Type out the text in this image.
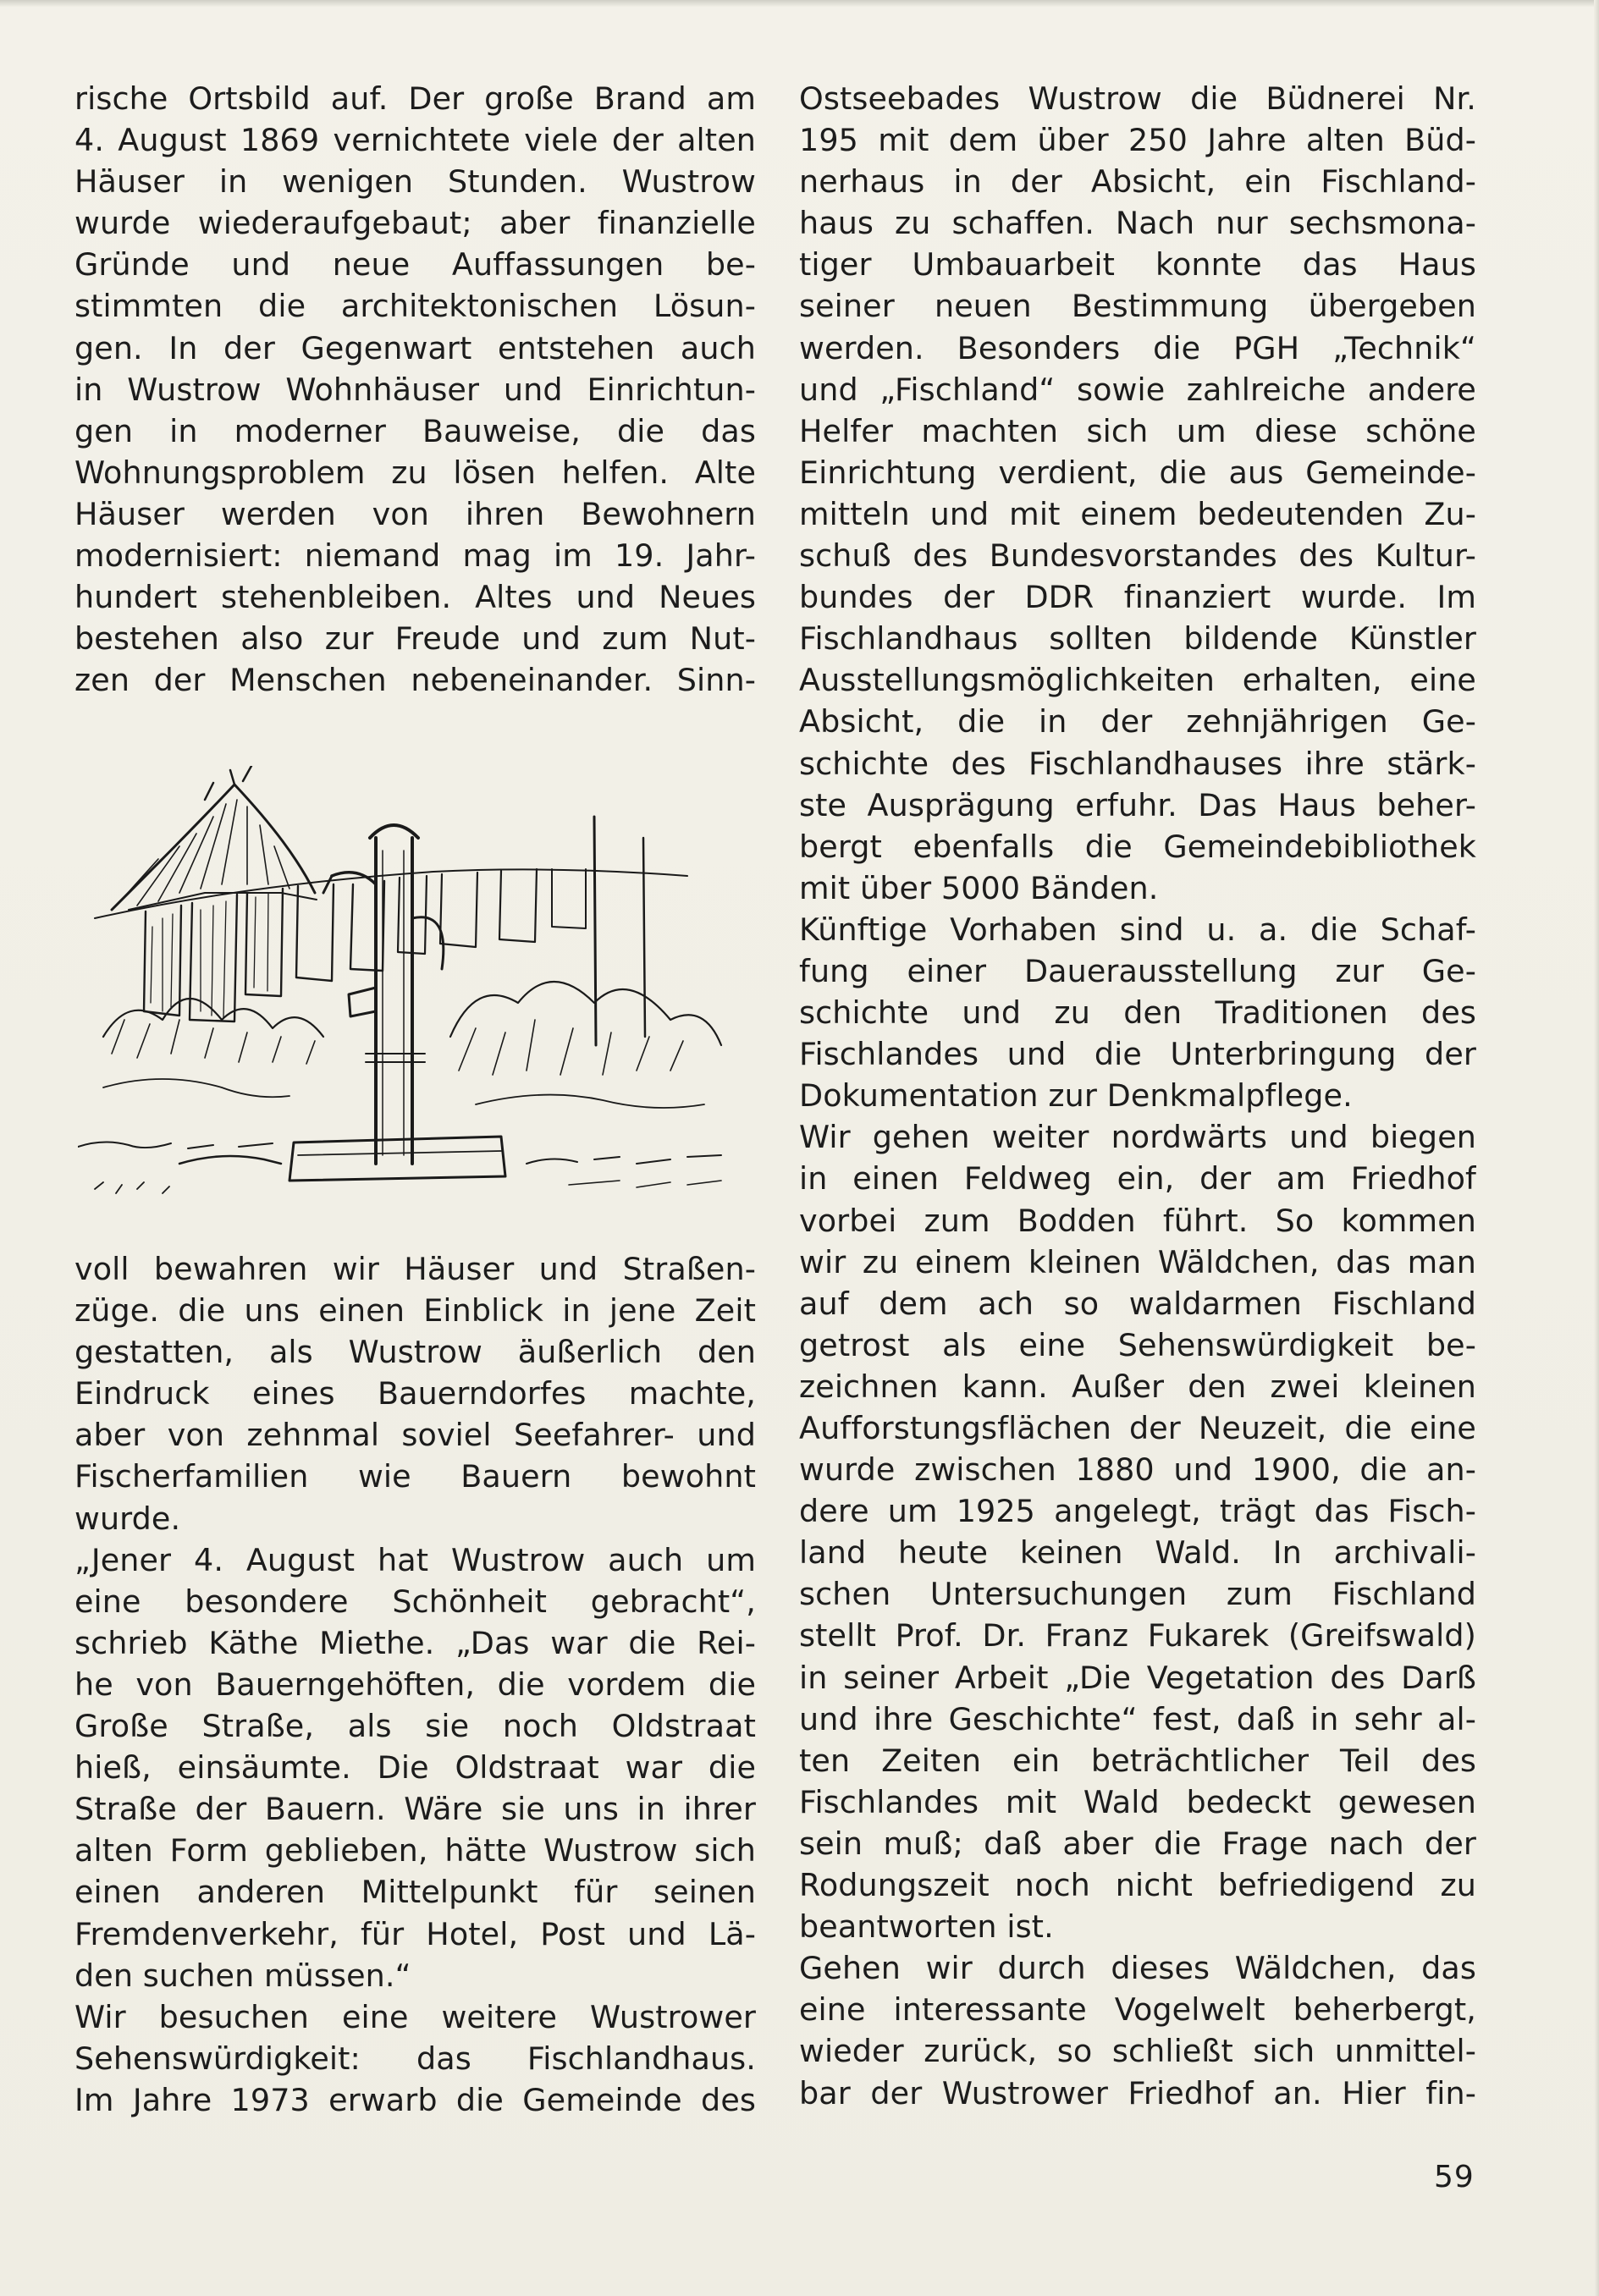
rische Ortsbild auf. Der große Brand am
4. August 1869 vernichtete viele der alten
Häuser in wenigen Stunden. Wustrow
wurde wiederaufgebaut; aber finanzielle
Gründe und neue Auffassungen be-
stimmten die architektonischen Lösun-
gen. In der Gegenwart entstehen auch
in Wustrow Wohnhäuser und Einrichtun-
gen in moderner Bauweise, die das
Wohnungsproblem zu lösen helfen. Alte
Häuser werden von ihren Bewohnern
modernisiert: niemand mag im 19. Jahr-
hundert stehenbleiben. Altes und Neues
bestehen also zur Freude und zum Nut-
zen der Menschen nebeneinander. Sinn-
voll bewahren wir Häuser und Straßen-
züge. die uns einen Einblick in jene Zeit
gestatten, als Wustrow äußerlich den
Eindruck eines Bauerndorfes machte,
aber von zehnmal soviel Seefahrer- und
Fischerfamilien wie Bauern bewohnt
wurde.
„Jener 4. August hat Wustrow auch um
eine besondere Schönheit gebracht“,
schrieb Käthe Miethe. „Das war die Rei-
he von Bauerngehöften, die vordem die
Große Straße, als sie noch Oldstraat
hieß, einsäumte. Die Oldstraat war die
Straße der Bauern. Wäre sie uns in ihrer
alten Form geblieben, hätte Wustrow sich
einen anderen Mittelpunkt für seinen
Fremdenverkehr, für Hotel, Post und Lä-
den suchen müssen.“
Wir besuchen eine weitere Wustrower
Sehenswürdigkeit: das Fischlandhaus.
Im Jahre 1973 erwarb die Gemeinde des
Ostseebades Wustrow die Büdnerei Nr.
195 mit dem über 250 Jahre alten Büd-
nerhaus in der Absicht, ein Fischland-
haus zu schaffen. Nach nur sechsmona-
tiger Umbauarbeit konnte das Haus
seiner neuen Bestimmung übergeben
werden. Besonders die PGH „Technik“
und „Fischland“ sowie zahlreiche andere
Helfer machten sich um diese schöne
Einrichtung verdient, die aus Gemeinde-
mitteln und mit einem bedeutenden Zu-
schuß des Bundesvorstandes des Kultur-
bundes der DDR finanziert wurde. Im
Fischlandhaus sollten bildende Künstler
Ausstellungsmöglichkeiten erhalten, eine
Absicht, die in der zehnjährigen Ge-
schichte des Fischlandhauses ihre stärk-
ste Ausprägung erfuhr. Das Haus beher-
bergt ebenfalls die Gemeindebibliothek
mit über 5000 Bänden.
Künftige Vorhaben sind u. a. die Schaf-
fung einer Dauerausstellung zur Ge-
schichte und zu den Traditionen des
Fischlandes und die Unterbringung der
Dokumentation zur Denkmalpflege.
Wir gehen weiter nordwärts und biegen
in einen Feldweg ein, der am Friedhof
vorbei zum Bodden führt. So kommen
wir zu einem kleinen Wäldchen, das man
auf dem ach so waldarmen Fischland
getrost als eine Sehenswürdigkeit be-
zeichnen kann. Außer den zwei kleinen
Aufforstungsflächen der Neuzeit, die eine
wurde zwischen 1880 und 1900, die an-
dere um 1925 angelegt, trägt das Fisch-
land heute keinen Wald. In archivali-
schen Untersuchungen zum Fischland
stellt Prof. Dr. Franz Fukarek (Greifswald)
in seiner Arbeit „Die Vegetation des Darß
und ihre Geschichte“ fest, daß in sehr al-
ten Zeiten ein beträchtlicher Teil des
Fischlandes mit Wald bedeckt gewesen
sein muß; daß aber die Frage nach der
Rodungszeit noch nicht befriedigend zu
beantworten ist.
Gehen wir durch dieses Wäldchen, das
eine interessante Vogelwelt beherbergt,
wieder zurück, so schließt sich unmittel-
bar der Wustrower Friedhof an. Hier fin-
59
